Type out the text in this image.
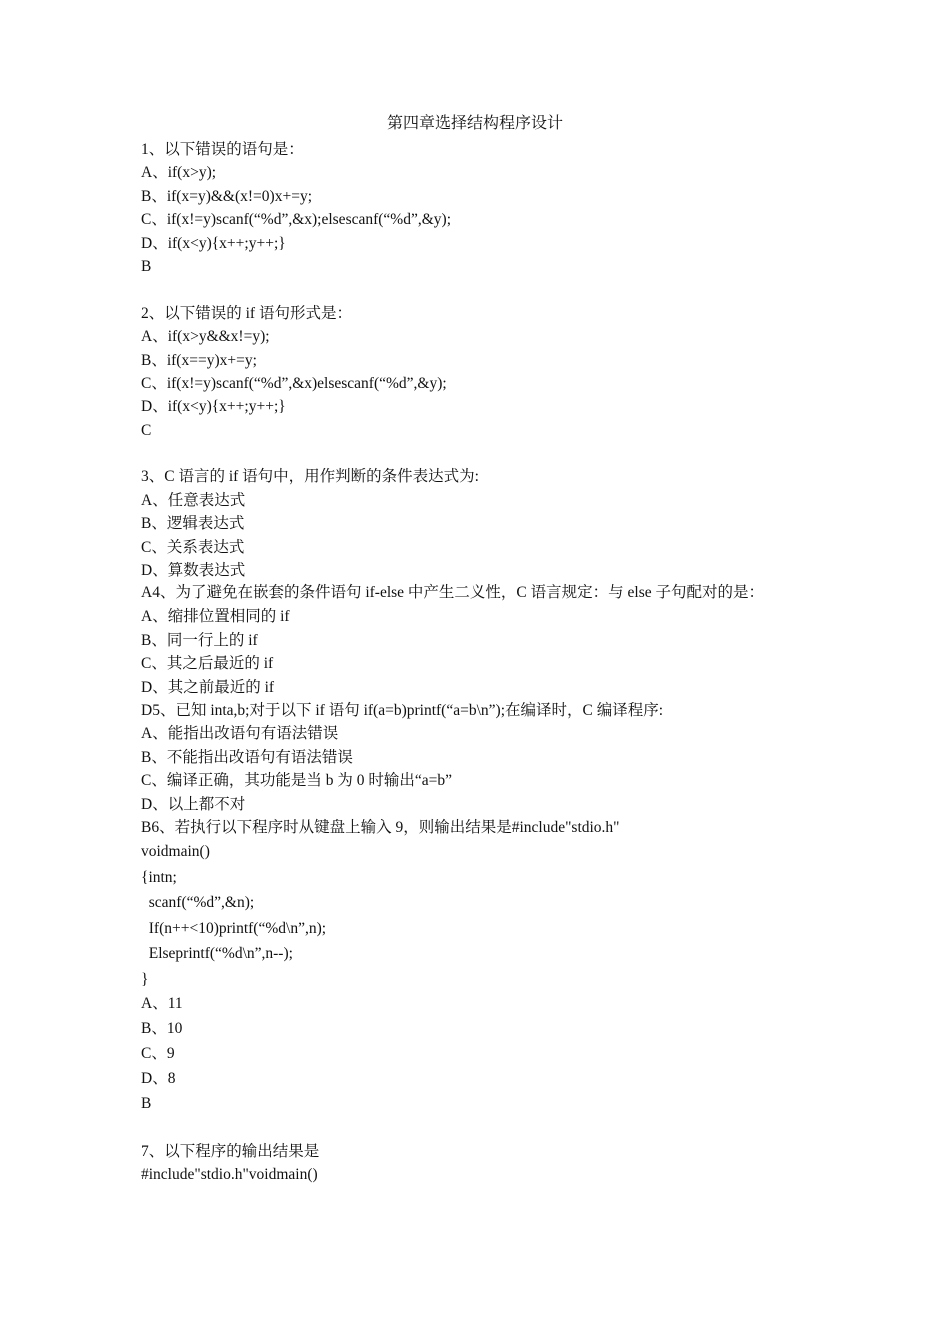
第四章选择结构程序设计
1、以下错误的语句是：
A、if(x>y);
B、if(x=y)&&(x!=0)x+=y;
C、if(x!=y)scanf(“%d”,&x);elsescanf(“%d”,&y);
D、if(x<y){x++;y++;}
B
2、以下错误的 if 语句形式是：
A、if(x>y&&x!=y);
B、if(x==y)x+=y;
C、if(x!=y)scanf(“%d”,&x)elsescanf(“%d”,&y);
D、if(x<y){x++;y++;}
C
3、C 语言的 if 语句中，用作判断的条件表达式为:
A、任意表达式
B、逻辑表达式
C、关系表达式
D、算数表达式
A4、为了避免在嵌套的条件语句 if-else 中产生二义性，C 语言规定：与 else 子句配对的是：
A、缩排位置相同的 if
B、同一行上的 if
C、其之后最近的 if
D、其之前最近的 if
D5、已知 inta,b;对于以下 if 语句 if(a=b)printf(“a=b\n”);在编译时，C 编译程序:
A、能指出改语句有语法错误
B、不能指出改语句有语法错误
C、编译正确，其功能是当 b 为 0 时输出“a=b”
D、以上都不对
B6、若执行以下程序时从键盘上输入 9，则输出结果是#include"stdio.h"
voidmain()
{intn;
scanf(“%d”,&n);
If(n++<10)printf(“%d\n”,n);
Elseprintf(“%d\n”,n--);
}
A、11
B、10
C、9
D、8
B
7、以下程序的输出结果是
#include"stdio.h"voidmain()
